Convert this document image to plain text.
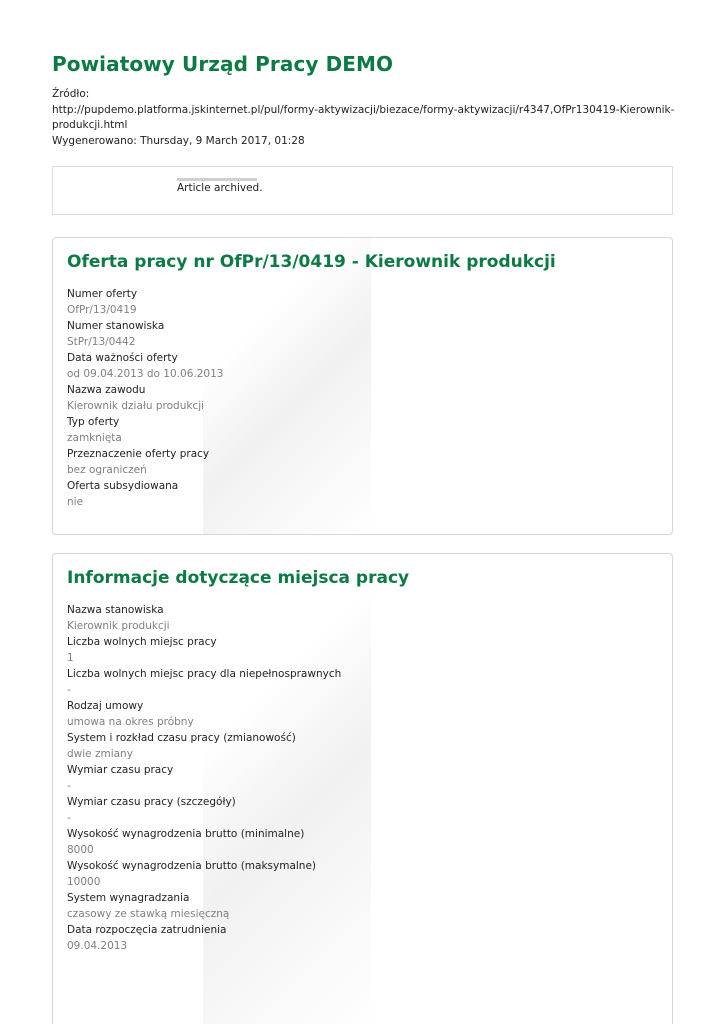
Powiatowy Urząd Pracy DEMO
Źródło:
http://pupdemo.platforma.jskinternet.pl/pul/formy-aktywizacji/biezace/formy-aktywizacji/r4347,OfPr130419-Kierownik-produkcji.html
Wygenerowano: Thursday, 9 March 2017, 01:28
Article archived.
Oferta pracy nr OfPr/13/0419 - Kierownik produkcji
Numer oferty
OfPr/13/0419
Numer stanowiska
StPr/13/0442
Data ważności oferty
od 09.04.2013 do 10.06.2013
Nazwa zawodu
Kierownik działu produkcji
Typ oferty
zamknięta
Przeznaczenie oferty pracy
bez ograniczeń
Oferta subsydiowana
nie
Informacje dotyczące miejsca pracy
Nazwa stanowiska
Kierownik produkcji
Liczba wolnych miejsc pracy
1
Liczba wolnych miejsc pracy dla niepełnosprawnych
-
Rodzaj umowy
umowa na okres próbny
System i rozkład czasu pracy (zmianowość)
dwie zmiany
Wymiar czasu pracy
-
Wymiar czasu pracy (szczegóły)
-
Wysokość wynagrodzenia brutto (minimalne)
8000
Wysokość wynagrodzenia brutto (maksymalne)
10000
System wynagradzania
czasowy ze stawką miesięczną
Data rozpoczęcia zatrudnienia
09.04.2013
